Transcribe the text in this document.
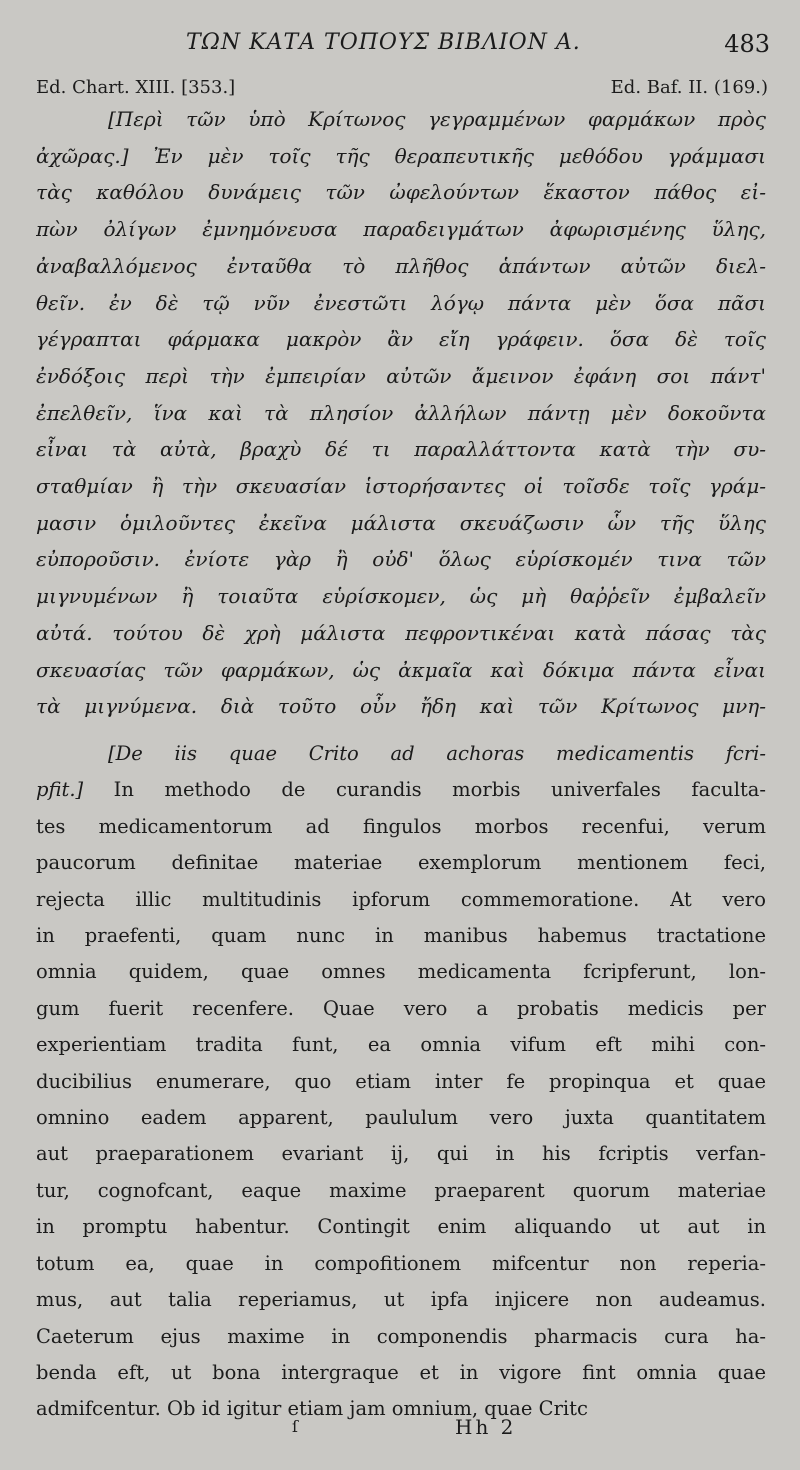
ΤΩΝ ΚΑΤΑ ΤΟΠΟΥΣ ΒΙΒΛΙΟΝ Α.	483
Ed. Chart. XIII. [353.]	Ed. Baf. II. (169.)
[Περὶ τῶν ὑπὸ Κρίτωνος γεγραμμένων φαρμάκων πρὸς
ἀχῶρας.] Ἐν μὲν τοῖς τῆς θεραπευτικῆς μεθόδου γράμμασι
τὰς καθόλου δυνάμεις τῶν ὠφελούντων ἕκαστον πάθος εἰ-
πὼν ὀλίγων ἐμνημόνευσα παραδειγμάτων ἀφωρισμένης ὕλης,
ἀναβαλλόμενος ἐνταῦθα τὸ πλῆθος ἁπάντων αὐτῶν διελ-
θεῖν. ἐν δὲ τῷ νῦν ἐνεστῶτι λόγῳ πάντα μὲν ὅσα πᾶσι
γέγραπται φάρμακα μακρὸν ἂν εἴη γράφειν. ὅσα δὲ τοῖς
ἐνδόξοις περὶ τὴν ἐμπειρίαν αὐτῶν ἄμεινον ἐφάνη σοι πάντ'
ἐπελθεῖν, ἵνα καὶ τὰ πλησίον ἀλλήλων πάντῃ μὲν δοκοῦντα
εἶναι τὰ αὐτὰ, βραχὺ δέ τι παραλλάττοντα κατὰ τὴν συ-
σταθμίαν ἢ τὴν σκευασίαν ἱστορήσαντες οἱ τοῖσδε τοῖς γράμ-
μασιν ὁμιλοῦντες ἐκεῖνα μάλιστα σκευάζωσιν ὧν τῆς ὕλης
εὐποροῦσιν. ἐνίοτε γὰρ ἢ οὐδ' ὅλως εὑρίσκομέν τινα τῶν
μιγνυμένων ἢ τοιαῦτα εὑρίσκομεν, ὡς μὴ θαῤῥεῖν ἐμβαλεῖν
αὐτά. τούτου δὲ χρὴ μάλιστα πεφροντικέναι κατὰ πάσας τὰς
σκευασίας τῶν φαρμάκων, ὡς ἀκμαῖα καὶ δόκιμα πάντα εἶναι
τὰ μιγνύμενα. διὰ τοῦτο οὖν ἤδη καὶ τῶν Κρίτωνος μνη-
[De iis quae Crito ad achoras medicamentis fcri-
pfit.] In methodo de curandis morbis univerfales faculta-
tes medicamentorum ad fingulos morbos recenfui, verum
paucorum definitae materiae exemplorum mentionem feci,
rejecta illic multitudinis ipforum commemoratione. At vero
in praefenti, quam nunc in manibus habemus tractatione
omnia quidem, quae omnes medicamenta fcripferunt, lon-
gum fuerit recenfere. Quae vero a probatis medicis per
experientiam tradita funt, ea omnia vifum eft mihi con-
ducibilius enumerare, quo etiam inter fe propinqua et quae
omnino eadem apparent, paululum vero juxta quantitatem
aut praeparationem evariant ij, qui in his fcriptis verfan-
tur, cognofcant, eaque maxime praeparent quorum materiae
in promptu habentur. Contingit enim aliquando ut aut in
totum ea, quae in compofitionem mifcentur non reperia-
mus, aut talia reperiamus, ut ipfa injicere non audeamus.
Caeterum ejus maxime in componendis pharmacis cura ha-
benda eft, ut bona intergraque et in vigore fint omnia quae
admifcentur. Ob id igitur etiam jam omnium, quae Critc
ſ	Hh 2
